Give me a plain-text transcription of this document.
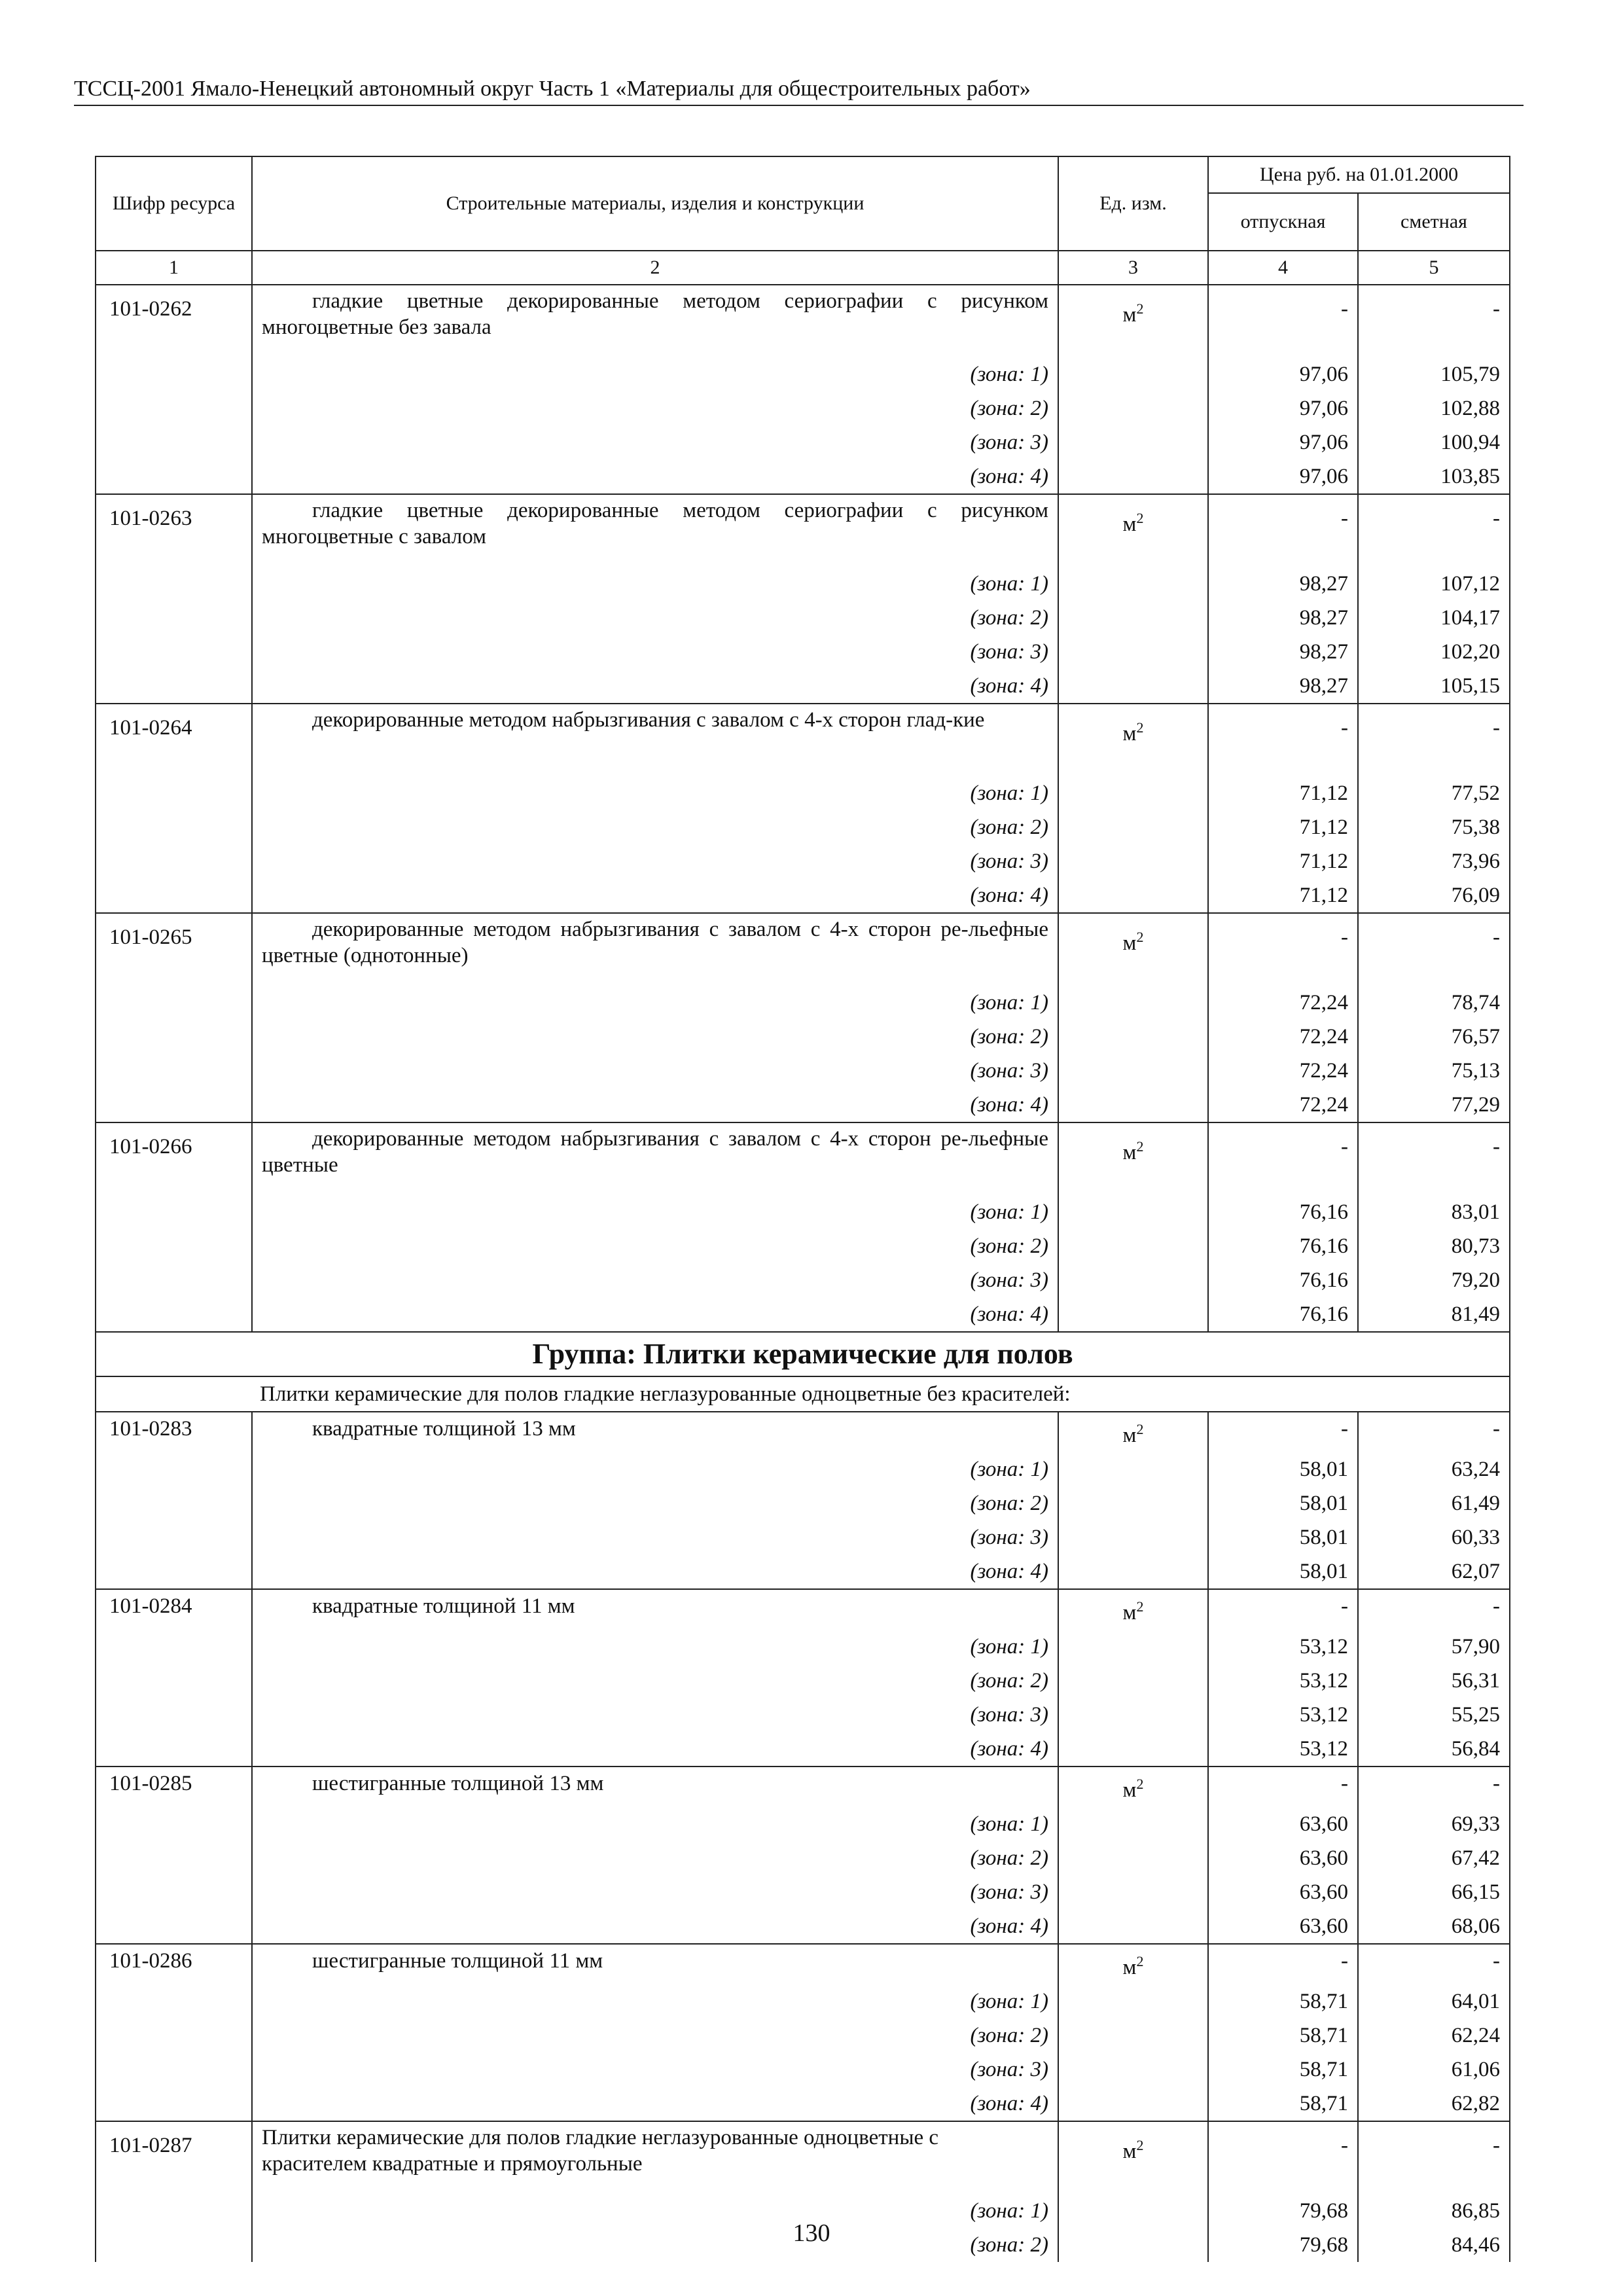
ТССЦ-2001 Ямало-Ненецкий автономный округ Часть 1 «Материалы для общестроительных работ»
Шифр ресурса	Строительные материалы, изделия и конструкции	Ед. изм.	Цена руб. на 01.01.2000	
			отпускная	сметная
1	2	3	4	5
101-0262	гладкие цветные декорированные методом сериографии с рисунком многоцветные без завала	$м^2$	-	-
	(зона: 1)		97,06	105,79
	(зона: 2)		97,06	102,88
	(зона: 3)		97,06	100,94
	(зона: 4)		97,06	103,85
101-0263	гладкие цветные декорированные методом сериографии с рисунком многоцветные с завалом	$м^2$	-	-
	(зона: 1)		98,27	107,12
	(зона: 2)		98,27	104,17
	(зона: 3)		98,27	102,20
	(зона: 4)		98,27	105,15
101-0264	декорированные методом набрызгивания с завалом с 4-х сторон глад-кие	$м^2$	-	-
	(зона: 1)		71,12	77,52
	(зона: 2)		71,12	75,38
	(зона: 3)		71,12	73,96
	(зона: 4)		71,12	76,09
101-0265	декорированные методом набрызгивания с завалом с 4-х сторон ре-льефные цветные (однотонные)	$м^2$	-	-
	(зона: 1)		72,24	78,74
	(зона: 2)		72,24	76,57
	(зона: 3)		72,24	75,13
	(зона: 4)		72,24	77,29
101-0266	декорированные методом набрызгивания с завалом с 4-х сторон ре-льефные цветные	$м^2$	-	-
	(зона: 1)		76,16	83,01
	(зона: 2)		76,16	80,73
	(зона: 3)		76,16	79,20
	(зона: 4)		76,16	81,49
Группа: Плитки керамические для полов				
Плитки керамические для полов гладкие неглазурованные одноцветные без красителей:				
101-0283	квадратные толщиной 13 мм	$м^2$	-	-
	(зона: 1)		58,01	63,24
	(зона: 2)		58,01	61,49
	(зона: 3)		58,01	60,33
	(зона: 4)		58,01	62,07
101-0284	квадратные толщиной 11 мм	$м^2$	-	-
	(зона: 1)		53,12	57,90
	(зона: 2)		53,12	56,31
	(зона: 3)		53,12	55,25
	(зона: 4)		53,12	56,84
101-0285	шестигранные толщиной 13 мм	$м^2$	-	-
	(зона: 1)		63,60	69,33
	(зона: 2)		63,60	67,42
	(зона: 3)		63,60	66,15
	(зона: 4)		63,60	68,06
101-0286	шестигранные толщиной 11 мм	$м^2$	-	-
	(зона: 1)		58,71	64,01
	(зона: 2)		58,71	62,24
	(зона: 3)		58,71	61,06
	(зона: 4)		58,71	62,82
101-0287	Плитки керамические для полов гладкие неглазурованные одноцветные с красителем квадратные и прямоугольные	$м^2$	-	-
	(зона: 1)		79,68	86,85
	(зона: 2)		79,68	84,46
130
